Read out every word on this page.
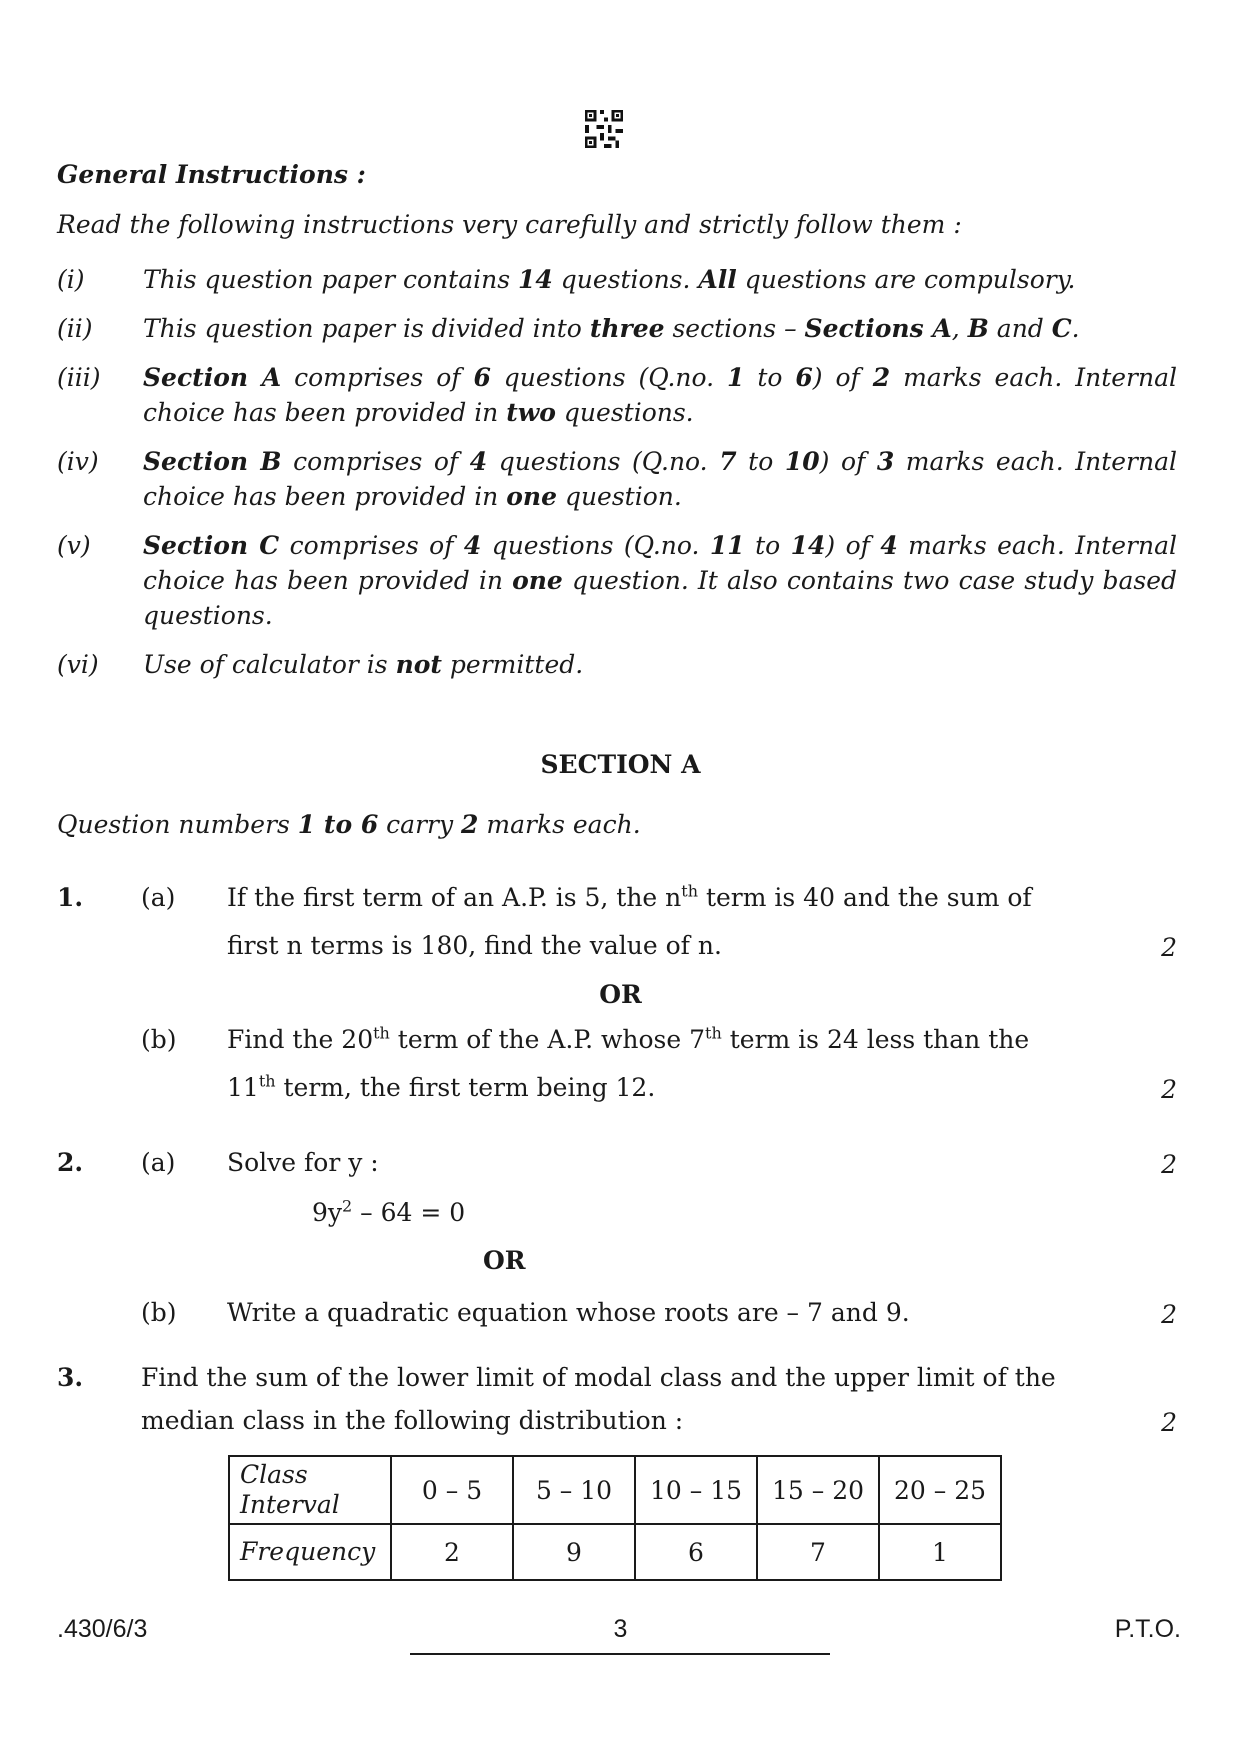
General Instructions :
Read the following instructions very carefully and strictly follow them :
(i) This question paper contains 14 questions. All questions are compulsory.
(ii) This question paper is divided into three sections – Sections A, B and C.
(iii) Section A comprises of 6 questions (Q.no. 1 to 6) of 2 marks each. Internal choice has been provided in two questions.
(iv) Section B comprises of 4 questions (Q.no. 7 to 10) of 3 marks each. Internal choice has been provided in one question.
(v) Section C comprises of 4 questions (Q.no. 11 to 14) of 4 marks each. Internal choice has been provided in one question. It also contains two case study based questions.
(vi) Use of calculator is not permitted.
SECTION A
Question numbers 1 to 6 carry 2 marks each.
1. (a) If the first term of an A.P. is 5, the $n^{th}$ term is 40 and the sum of
first n terms is 180, find the value of n.	2
OR
(b) Find the 20th term of the A.P. whose 7th term is 24 less than the
11th term, the first term being 12.	2
2. (a) Solve for y :	2
$9y^2 - 64 = 0$
OR
(b) Write a quadratic equation whose roots are – 7 and 9.	2
3. Find the sum of the lower limit of modal class and the upper limit of the
median class in the following distribution :	2
Class Interval	0 – 5	5 – 10	10 – 15	15 – 20	20 – 25
Frequency	2	9	6	7	1
.430/6/3	3	P.T.O.
